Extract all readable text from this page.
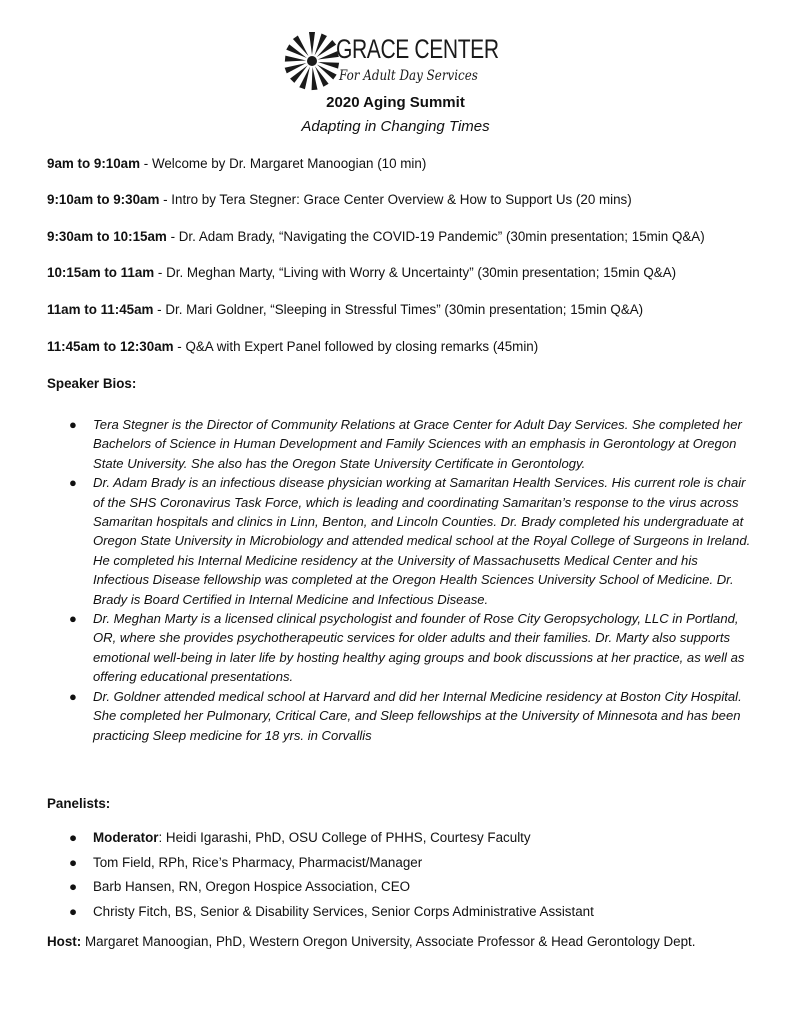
GRACE CENTER
For Adult Day Services
2020 Aging Summit
Adapting in Changing Times
9am to 9:10am - Welcome by Dr. Margaret Manoogian (10 min)
9:10am to 9:30am - Intro by Tera Stegner: Grace Center Overview & How to Support Us (20 mins)
9:30am to 10:15am - Dr. Adam Brady, “Navigating the COVID-19 Pandemic” (30min presentation; 15min Q&A)
10:15am to 11am - Dr. Meghan Marty, “Living with Worry & Uncertainty” (30min presentation; 15min Q&A)
11am to 11:45am - Dr. Mari Goldner, “Sleeping in Stressful Times” (30min presentation; 15min Q&A)
11:45am to 12:30am - Q&A with Expert Panel followed by closing remarks (45min)
Speaker Bios:

● Tera Stegner is the Director of Community Relations at Grace Center for Adult Day Services. She completed her Bachelors of Science in Human Development and Family Sciences with an emphasis in Gerontology at Oregon State University. She also has the Oregon State University Certificate in Gerontology.

● Dr. Adam Brady is an infectious disease physician working at Samaritan Health Services. His current role is chair of the SHS Coronavirus Task Force, which is leading and coordinating Samaritan’s response to the virus across Samaritan hospitals and clinics in Linn, Benton, and Lincoln Counties. Dr. Brady completed his undergraduate at Oregon State University in Microbiology and attended medical school at the Royal College of Surgeons in Ireland. He completed his Internal Medicine residency at the University of Massachusetts Medical Center and his Infectious Disease fellowship was completed at the Oregon Health Sciences University School of Medicine. Dr. Brady is Board Certified in Internal Medicine and Infectious Disease.

● Dr. Meghan Marty is a licensed clinical psychologist and founder of Rose City Geropsychology, LLC in Portland, OR, where she provides psychotherapeutic services for older adults and their families. Dr. Marty also supports emotional well-being in later life by hosting healthy aging groups and book discussions at her practice, as well as offering educational presentations.

● Dr. Goldner attended medical school at Harvard and did her Internal Medicine residency at Boston City Hospital. She completed her Pulmonary, Critical Care, and Sleep fellowships at the University of Minnesota and has been practicing Sleep medicine for 18 yrs. in Corvallis

Panelists:
● Moderator: Heidi Igarashi, PhD, OSU College of PHHS, Courtesy Faculty
● Tom Field, RPh, Rice’s Pharmacy, Pharmacist/Manager
● Barb Hansen, RN, Oregon Hospice Association, CEO
● Christy Fitch, BS, Senior & Disability Services, Senior Corps Administrative Assistant
Host: Margaret Manoogian, PhD, Western Oregon University, Associate Professor & Head Gerontology Dept.
